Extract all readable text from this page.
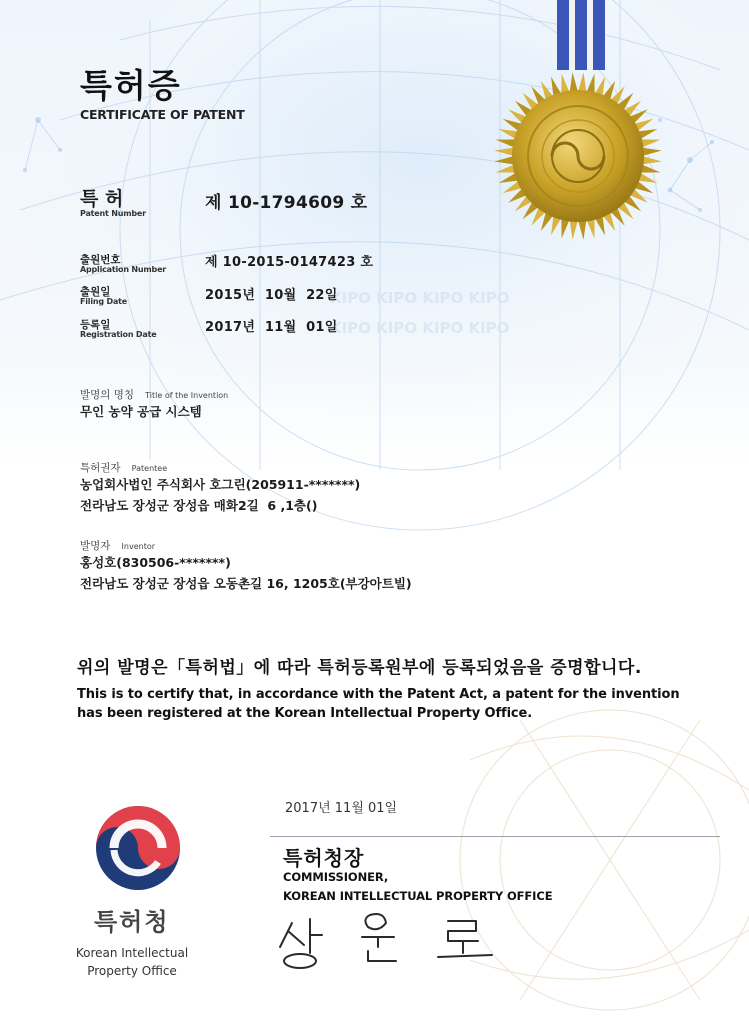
KIPO KIPO KIPO KIPO
KIPO KIPO KIPO KIPO
특허증
CERTIFICATE OF PATENT
특 허
Patent Number
제 10-1794609 호
출원번호
Application Number	제 10-2015-0147423 호
출원일
Filing Date	2015년  10월  22일
등록일
Registration Date	2017년  11월  01일
발명의 명칭 Title of the Invention
무인 농약 공급 시스템
특허권자 Patentee
농업회사법인 주식회사 호그린(205911-*******)
전라남도 장성군 장성읍 매화2길  6 ,1층()
발명자 Inventor
홍성호(830506-*******)
전라남도 장성군 장성읍 오동촌길 16, 1205호(부강아트빌)
위의 발명은「특허법」에 따라 특허등록원부에 등록되었음을 증명합니다.
This is to certify that, in accordance with the Patent Act, a patent for the invention
has been registered at the Korean Intellectual Property Office.
2017년 11월 01일
특허청장
COMMISSIONER,
KOREAN INTELLECTUAL PROPERTY OFFICE
특허청
Korean Intellectual
Property Office
